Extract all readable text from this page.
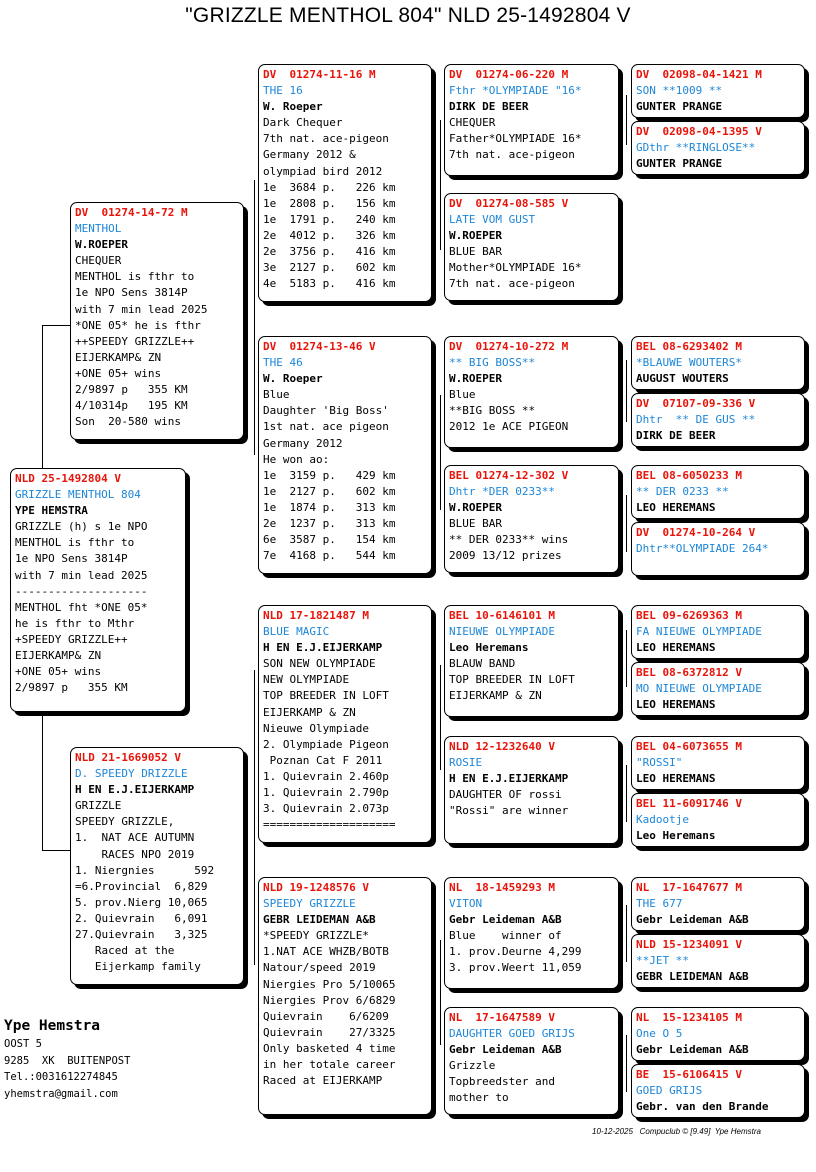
"GRIZZLE MENTHOL 804" NLD 25-1492804 V
NLD 25-1492804 V
GRIZZLE MENTHOL 804
YPE HEMSTRA
GRIZZLE (h) s 1e NPO
MENTHOL is fthr to
1e NPO Sens 3814P
with 7 min lead 2025
--------------------
MENTHOL fht *ONE 05*
he is fthr to Mthr
+SPEEDY GRIZZLE++
EIJERKAMP& ZN
+ONE 05+ wins
2/9897 p   355 KM
DV  01274-14-72 M
MENTHOL
W.ROEPER
CHEQUER
MENTHOL is fthr to
1e NPO Sens 3814P
with 7 min lead 2025
*ONE 05* he is fthr
++SPEEDY GRIZZLE++
EIJERKAMP& ZN
+ONE 05+ wins
2/9897 p   355 KM
4/10314p   195 KM
Son  20-580 wins
NLD 21-1669052 V
D. SPEEDY DRIZZLE
H EN E.J.EIJERKAMP
GRIZZLE
SPEEDY GRIZZLE,
1.  NAT ACE AUTUMN
RACES NPO 2019
1. Niergnies      592
=6.Provincial  6,829
5. prov.Nierg 10,065
2. Quievrain   6,091
27.Quievrain   3,325
Raced at the
Eijerkamp family
DV  01274-11-16 M
THE 16
W. Roeper
Dark Chequer
7th nat. ace-pigeon
Germany 2012 &
olympiad bird 2012
1e  3684 p.   226 km
1e  2808 p.   156 km
1e  1791 p.   240 km
2e  4012 p.   326 km
2e  3756 p.   416 km
3e  2127 p.   602 km
4e  5183 p.   416 km
DV  01274-13-46 V
THE 46
W. Roeper
Blue
Daughter 'Big Boss'
1st nat. ace pigeon
Germany 2012
He won ao:
1e  3159 p.   429 km
1e  2127 p.   602 km
1e  1874 p.   313 km
2e  1237 p.   313 km
6e  3587 p.   154 km
7e  4168 p.   544 km
NLD 17-1821487 M
BLUE MAGIC
H EN E.J.EIJERKAMP
SON NEW OLYMPIADE
NEW OLYMPIADE
TOP BREEDER IN LOFT
EIJERKAMP & ZN
Nieuwe Olympiade
2. Olympiade Pigeon
Poznan Cat F 2011
1. Quievrain 2.460p
1. Quievrain 2.790p
3. Quievrain 2.073p
====================
NLD 19-1248576 V
SPEEDY GRIZZLE
GEBR LEIDEMAN A&B
*SPEEDY GRIZZLE*
1.NAT ACE WHZB/BOTB
Natour/speed 2019
Niergies Pro 5/10065
Niergies Prov 6/6829
Quievrain    6/6209
Quievrain    27/3325
Only basketed 4 time
in her totale career
Raced at EIJERKAMP
DV  01274-06-220 M
Fthr *OLYMPIADE "16*
DIRK DE BEER
CHEQUER
Father*OLYMPIADE 16*
7th nat. ace-pigeon
DV  01274-08-585 V
LATE VOM GUST
W.ROEPER
BLUE BAR
Mother*OLYMPIADE 16*
7th nat. ace-pigeon
DV  01274-10-272 M
** BIG BOSS**
W.ROEPER
Blue
**BIG BOSS **
2012 1e ACE PIGEON
BEL 01274-12-302 V
Dhtr *DER 0233**
W.ROEPER
BLUE BAR
** DER 0233** wins
2009 13/12 prizes
BEL 10-6146101 M
NIEUWE OLYMPIADE
Leo Heremans
BLAUW BAND
TOP BREEDER IN LOFT
EIJERKAMP & ZN
NLD 12-1232640 V
ROSIE
H EN E.J.EIJERKAMP
DAUGHTER OF rossi
"Rossi" are winner
NL  18-1459293 M
VITON
Gebr Leideman A&B
Blue    winner of
1. prov.Deurne 4,299
3. prov.Weert 11,059
NL  17-1647589 V
DAUGHTER GOED GRIJS
Gebr Leideman A&B
Grizzle
Topbreedster and
mother to
DV  02098-04-1421 M
SON **1009 **
GUNTER PRANGE
DV  02098-04-1395 V
GDthr **RINGLOSE**
GUNTER PRANGE
BEL 08-6293402 M
*BLAUWE WOUTERS*
AUGUST WOUTERS
DV  07107-09-336 V
Dhtr  ** DE GUS **
DIRK DE BEER
BEL 08-6050233 M
** DER 0233 **
LEO HEREMANS
DV  01274-10-264 V
Dhtr**OLYMPIADE 264*
BEL 09-6269363 M
FA NIEUWE OLYMPIADE
LEO HEREMANS
BEL 08-6372812 V
MO NIEUWE OLYMPIADE
LEO HEREMANS
BEL 04-6073655 M
"ROSSI"
LEO HEREMANS
BEL 11-6091746 V
Kadootje
Leo Heremans
NL  17-1647677 M
THE 677
Gebr Leideman A&B
NLD 15-1234091 V
**JET **
GEBR LEIDEMAN A&B
NL  15-1234105 M
One O 5
Gebr Leideman A&B
BE  15-6106415 V
GOED GRIJS
Gebr. van den Brande
Ype Hemstra
OOST 5
9285  XK  BUITENPOST
Tel.:0031612274845
yhemstra@gmail.com
10-12-2025   Compuclub © [9.49]  Ype Hemstra
